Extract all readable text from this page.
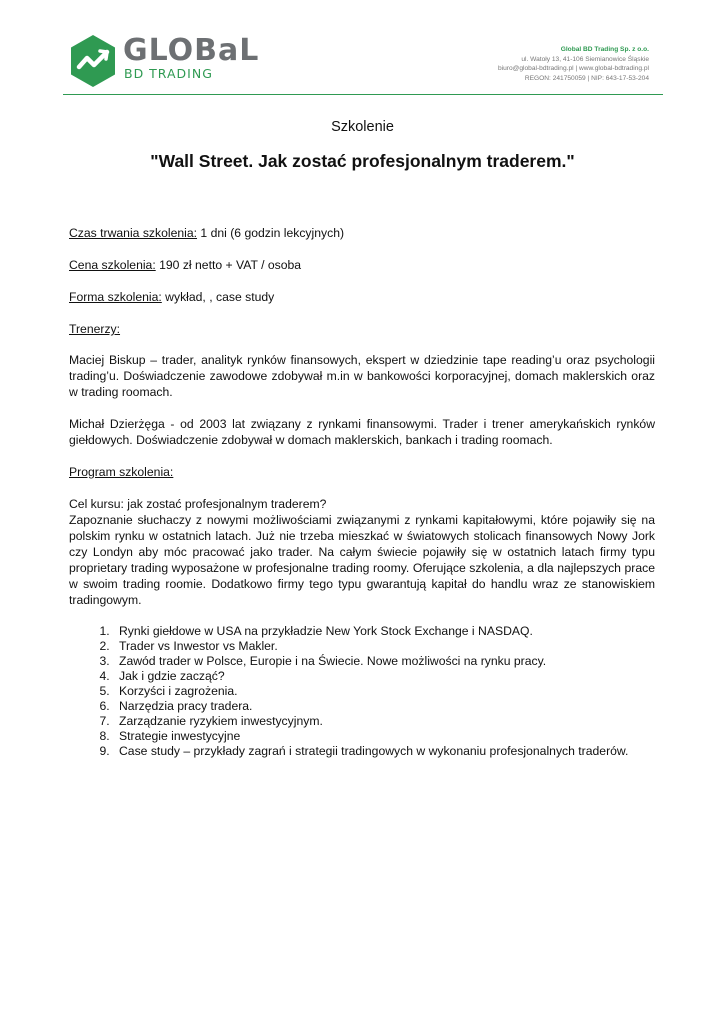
GLOBaL
BD TRADING
Global BD Trading Sp. z o.o.
ul. Watoły 13, 41-106 Siemianowice Śląskie
biuro@global-bdtrading.pl | www.global-bdtrading.pl
REGON: 241750059 | NIP: 643-17-53-204
Szkolenie
"Wall Street. Jak zostać profesjonalnym traderem."

Czas trwania szkolenia: 1 dni (6 godzin lekcyjnych)

Cena szkolenia: 190 zł netto + VAT / osoba

Forma szkolenia: wykład, , case study

Trenerzy:

Maciej Biskup – trader, analityk rynków finansowych, ekspert w dziedzinie tape reading’u oraz psychologii trading’u. Doświadczenie zawodowe zdobywał m.in w bankowości korporacyjnej, domach maklerskich oraz w trading roomach.

Michał Dzierżęga - od 2003 lat związany z rynkami finansowymi. Trader i trener amerykańskich rynków giełdowych. Doświadczenie zdobywał w domach maklerskich, bankach i trading roomach.

Program szkolenia:

Cel kursu: jak zostać profesjonalnym traderem?

Zapoznanie słuchaczy z nowymi możliwościami związanymi z rynkami kapitałowymi, które pojawiły się na polskim rynku w ostatnich latach. Już nie trzeba mieszkać w światowych stolicach finansowych Nowy Jork czy Londyn aby móc pracować jako trader. Na całym świecie pojawiły się w ostatnich latach firmy typu proprietary trading wyposażone w profesjonalne trading roomy. Oferujące szkolenia, a dla najlepszych prace w swoim trading roomie. Dodatkowo firmy tego typu gwarantują kapitał do handlu wraz ze stanowiskiem tradingowym.

1. Rynki giełdowe w USA na przykładzie New York Stock Exchange i NASDAQ.
2. Trader vs Inwestor vs Makler.
3. Zawód trader w Polsce, Europie i na Świecie. Nowe możliwości na rynku pracy.
4. Jak i gdzie zacząć?
5. Korzyści i zagrożenia.
6. Narzędzia pracy tradera.
7. Zarządzanie ryzykiem inwestycyjnym.
8. Strategie inwestycyjne
9. Case study – przykłady zagrań i strategii tradingowych w wykonaniu profesjonalnych traderów.
